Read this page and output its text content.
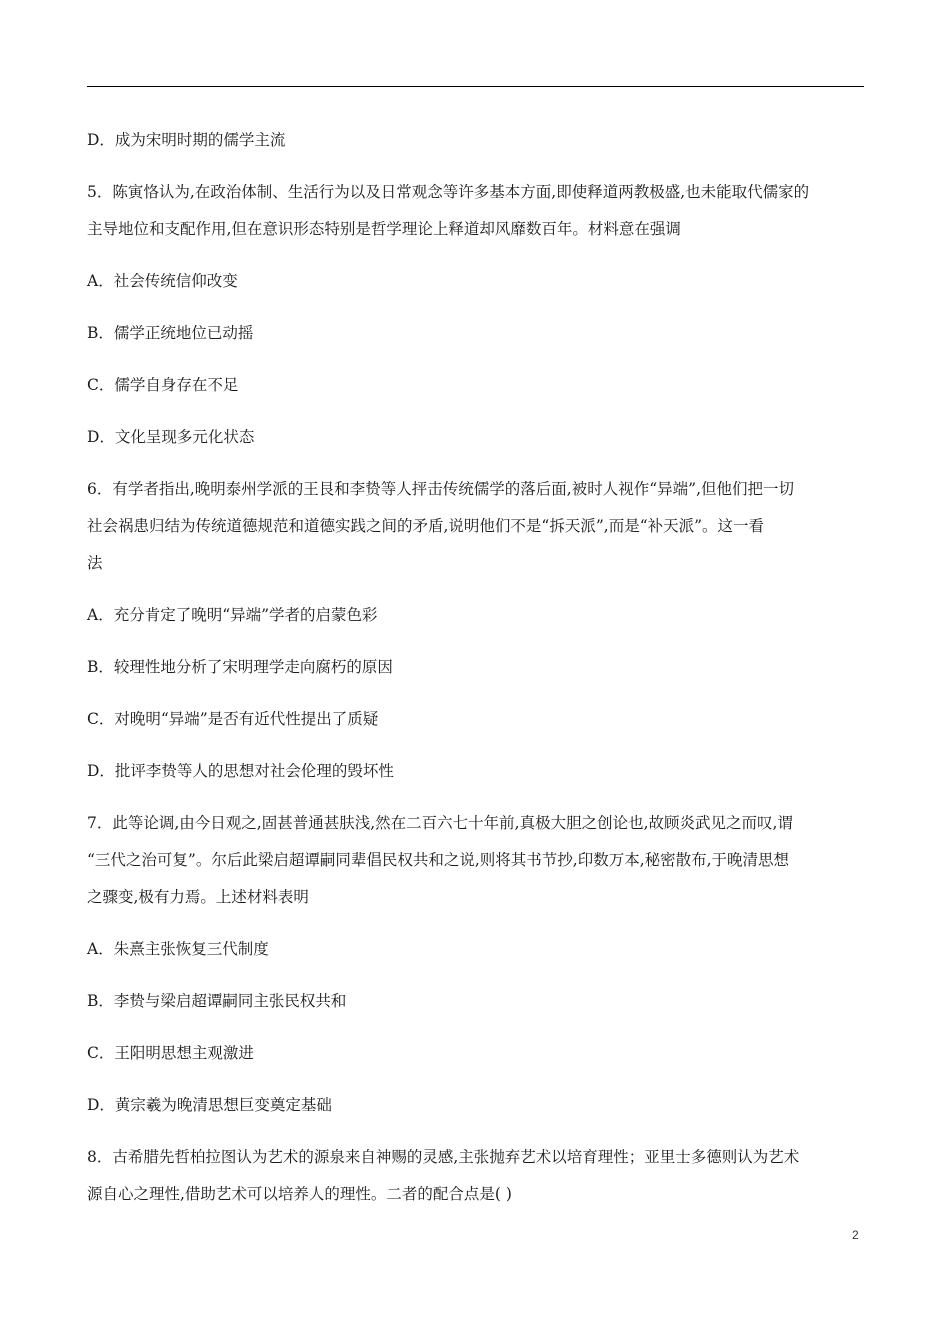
D．成为宋明时期的儒学主流
5．陈寅恪认为,在政治体制、生活行为以及日常观念等许多基本方面,即使释道两教极盛,也未能取代儒家的
主导地位和支配作用,但在意识形态特别是哲学理论上释道却风靡数百年。材料意在强调
A．社会传统信仰改变
B．儒学正统地位已动摇
C．儒学自身存在不足
D．文化呈现多元化状态
6．有学者指出,晚明泰州学派的王艮和李贽等人抨击传统儒学的落后面,被时人视作“异端”,但他们把一切
社会祸患归结为传统道德规范和道德实践之间的矛盾,说明他们不是“拆天派”,而是“补天派”。这一看
法
A．充分肯定了晚明“异端”学者的启蒙色彩
B．较理性地分析了宋明理学走向腐朽的原因
C．对晚明“异端”是否有近代性提出了质疑
D．批评李贽等人的思想对社会伦理的毁坏性
7．此等论调,由今日观之,固甚普通甚肤浅,然在二百六七十年前,真极大胆之创论也,故顾炎武见之而叹,谓
“三代之治可复”。尔后此梁启超谭嗣同辈倡民权共和之说,则将其书节抄,印数万本,秘密散布,于晚清思想
之骤变,极有力焉。上述材料表明
A．朱熹主张恢复三代制度
B．李贽与梁启超谭嗣同主张民权共和
C．王阳明思想主观激进
D．黄宗羲为晚清思想巨变奠定基础
8．古希腊先哲柏拉图认为艺术的源泉来自神赐的灵感,主张抛弃艺术以培育理性；亚里士多德则认为艺术
源自心之理性,借助艺术可以培养人的理性。二者的配合点是( )
2
